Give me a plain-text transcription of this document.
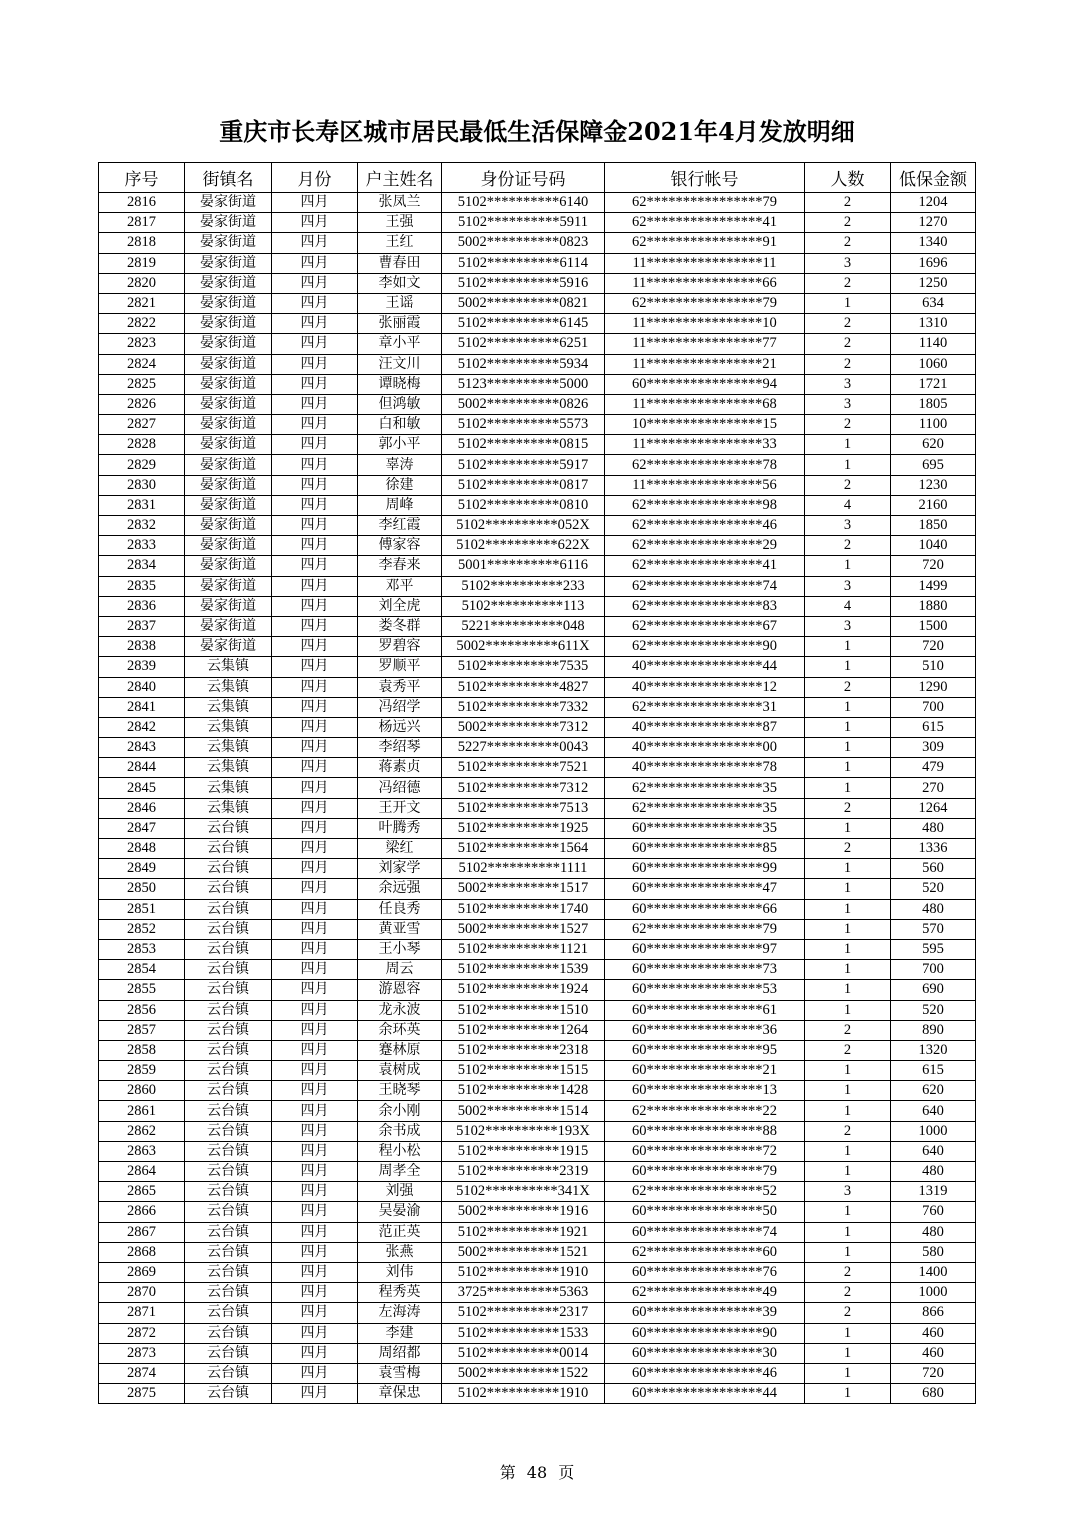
重庆市长寿区城市居民最低生活保障金2021年4月发放明细
序号	街镇名	月份	户主姓名	身份证号码	银行帐号	人数	低保金额
2816	晏家街道	四月	张凤兰	5102**********6140	62****************79	2	1204
2817	晏家街道	四月	王强	5102**********5911	62****************41	2	1270
2818	晏家街道	四月	王红	5002**********0823	62****************91	2	1340
2819	晏家街道	四月	曹春田	5102**********6114	11****************11	3	1696
2820	晏家街道	四月	李如文	5102**********5916	11****************66	2	1250
2821	晏家街道	四月	王谣	5002**********0821	62****************79	1	634
2822	晏家街道	四月	张丽霞	5102**********6145	11****************10	2	1310
2823	晏家街道	四月	章小平	5102**********6251	11****************77	2	1140
2824	晏家街道	四月	汪文川	5102**********5934	11****************21	2	1060
2825	晏家街道	四月	谭晓梅	5123**********5000	60****************94	3	1721
2826	晏家街道	四月	但鸿敏	5002**********0826	11****************68	3	1805
2827	晏家街道	四月	白和敏	5102**********5573	10****************15	2	1100
2828	晏家街道	四月	郭小平	5102**********0815	11****************33	1	620
2829	晏家街道	四月	辜涛	5102**********5917	62****************78	1	695
2830	晏家街道	四月	徐建	5102**********0817	11****************56	2	1230
2831	晏家街道	四月	周峰	5102**********0810	62****************98	4	2160
2832	晏家街道	四月	李红霞	5102**********052X	62****************46	3	1850
2833	晏家街道	四月	傅家容	5102**********622X	62****************29	2	1040
2834	晏家街道	四月	李春来	5001**********6116	62****************41	1	720
2835	晏家街道	四月	邓平	5102**********233	62****************74	3	1499
2836	晏家街道	四月	刘全虎	5102**********113	62****************83	4	1880
2837	晏家街道	四月	娄冬群	5221**********048	62****************67	3	1500
2838	晏家街道	四月	罗碧容	5002**********611X	62****************90	1	720
2839	云集镇	四月	罗顺平	5102**********7535	40****************44	1	510
2840	云集镇	四月	袁秀平	5102**********4827	40****************12	2	1290
2841	云集镇	四月	冯绍学	5102**********7332	62****************31	1	700
2842	云集镇	四月	杨远兴	5002**********7312	40****************87	1	615
2843	云集镇	四月	李绍琴	5227**********0043	40****************00	1	309
2844	云集镇	四月	蒋素贞	5102**********7521	40****************78	1	479
2845	云集镇	四月	冯绍德	5102**********7312	62****************35	1	270
2846	云集镇	四月	王开文	5102**********7513	62****************35	2	1264
2847	云台镇	四月	叶腾秀	5102**********1925	60****************35	1	480
2848	云台镇	四月	梁红	5102**********1564	60****************85	2	1336
2849	云台镇	四月	刘家学	5102**********1111	60****************99	1	560
2850	云台镇	四月	余远强	5002**********1517	60****************47	1	520
2851	云台镇	四月	任良秀	5102**********1740	60****************66	1	480
2852	云台镇	四月	黄亚雪	5002**********1527	62****************79	1	570
2853	云台镇	四月	王小琴	5102**********1121	60****************97	1	595
2854	云台镇	四月	周云	5102**********1539	60****************73	1	700
2855	云台镇	四月	游恩容	5102**********1924	60****************53	1	690
2856	云台镇	四月	龙永波	5102**********1510	60****************61	1	520
2857	云台镇	四月	余环英	5102**********1264	60****************36	2	890
2858	云台镇	四月	蹇林原	5102**********2318	60****************95	2	1320
2859	云台镇	四月	袁树成	5102**********1515	60****************21	1	615
2860	云台镇	四月	王晓琴	5102**********1428	60****************13	1	620
2861	云台镇	四月	余小刚	5002**********1514	62****************22	1	640
2862	云台镇	四月	余书成	5102**********193X	60****************88	2	1000
2863	云台镇	四月	程小松	5102**********1915	60****************72	1	640
2864	云台镇	四月	周孝全	5102**********2319	60****************79	1	480
2865	云台镇	四月	刘强	5102**********341X	62****************52	3	1319
2866	云台镇	四月	吴晏渝	5002**********1916	60****************50	1	760
2867	云台镇	四月	范正英	5102**********1921	60****************74	1	480
2868	云台镇	四月	张燕	5002**********1521	62****************60	1	580
2869	云台镇	四月	刘伟	5102**********1910	60****************76	2	1400
2870	云台镇	四月	程秀英	3725**********5363	62****************49	2	1000
2871	云台镇	四月	左海涛	5102**********2317	60****************39	2	866
2872	云台镇	四月	李建	5102**********1533	60****************90	1	460
2873	云台镇	四月	周绍都	5102**********0014	60****************30	1	460
2874	云台镇	四月	袁雪梅	5002**********1522	60****************46	1	720
2875	云台镇	四月	章保忠	5102**********1910	60****************44	1	680
第 48 页
